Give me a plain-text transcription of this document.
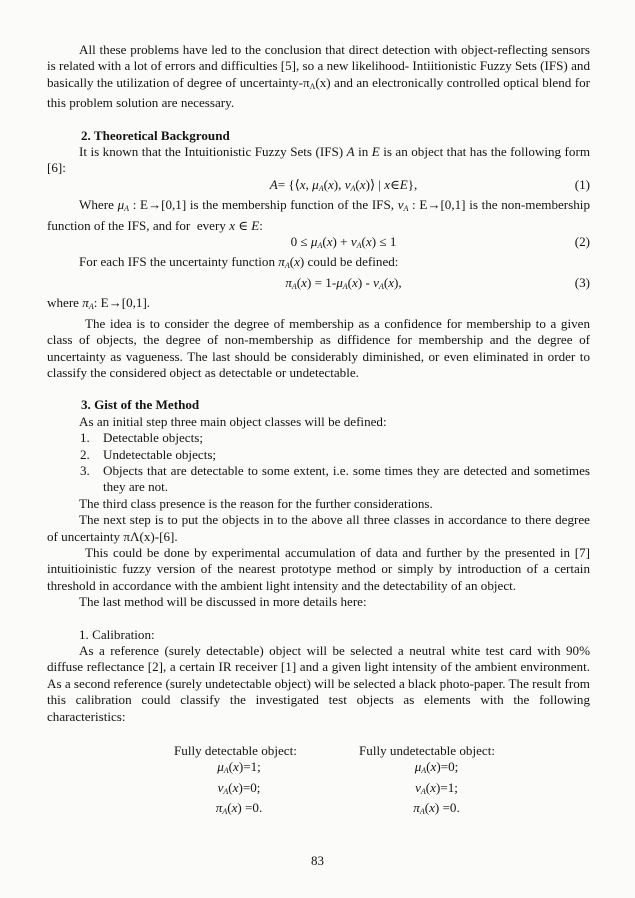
All these problems have led to the conclusion that direct detection with object-reflecting sensors is related with a lot of errors and difficulties [5], so a new likelihood- Intiitionistic Fuzzy Sets (IFS) and basically the utilization of degree of uncertainty-$\pi_\Lambda(x)$ and an electronically controlled optical blend for this problem solution are necessary.

2. Theoretical Background

It is known that the Intuitionistic Fuzzy Sets (IFS) A in E is an object that has the following form [6]:

A= {⟨x, $\mu_A(x)$, $\nu_A(x)⟩$ | x∈E},	(1)

Where $\mu_A$ : E→[0,1] is the membership function of the IFS, $\nu_A$ : E→[0,1] is the non-membership function of the IFS, and for  every x ∈ E:

$0 \le \mu_A(x) + \nu_A(x) \le 1$	(2)

For each IFS the uncertainty function $\pi_A(x)$ could be defined:

$\pi_A(x) = 1-\mu_A(x) - \nu_A(x)$,	(3)

where $\pi_A$: E→[0,1].

The idea is to consider the degree of membership as a confidence for membership to a given class of objects, the degree of non-membership as diffidence for membership and the degree of uncertainty as vagueness. The last should be considerably diminished, or even eliminated in order to classify the considered object as detectable or undetectable.

3. Gist of the Method

As an initial step three main object classes will be defined:

1.	Detectable objects;
2.	Undetectable objects;
3.	Objects that are detectable to some extent, i.e. some times they are detected and sometimes they are not.

The third class presence is the reason for the further considerations.

The next step is to put the objects in to the above all three classes in accordance to there degree of uncertainty πΛ(x)-[6].

This could be done by experimental accumulation of data and further by the presented in [7] intuitioinistic fuzzy version of the nearest prototype method or simply by introduction of a certain threshold in accordance with the ambient light intensity and the detectability of an object.

The last method will be discussed in more details here:

1. Calibration:

As a reference (surely detectable) object will be selected a neutral white test card with 90% diffuse reflectance [2], a certain IR receiver [1] and a given light intensity of the ambient environment. As a second reference (surely undetectable object) will be selected a black photo-paper. The result from this calibration could classify the investigated test objects as elements with the following characteristics:

Fully detectable object:
$\mu_A(x)=1$;
$\nu_A(x)=0$;
$\pi_A(x) =0$.
Fully undetectable object:
$\mu_A(x)=0$;
$\nu_A(x)=1$;
$\pi_A(x) =0$.
83
